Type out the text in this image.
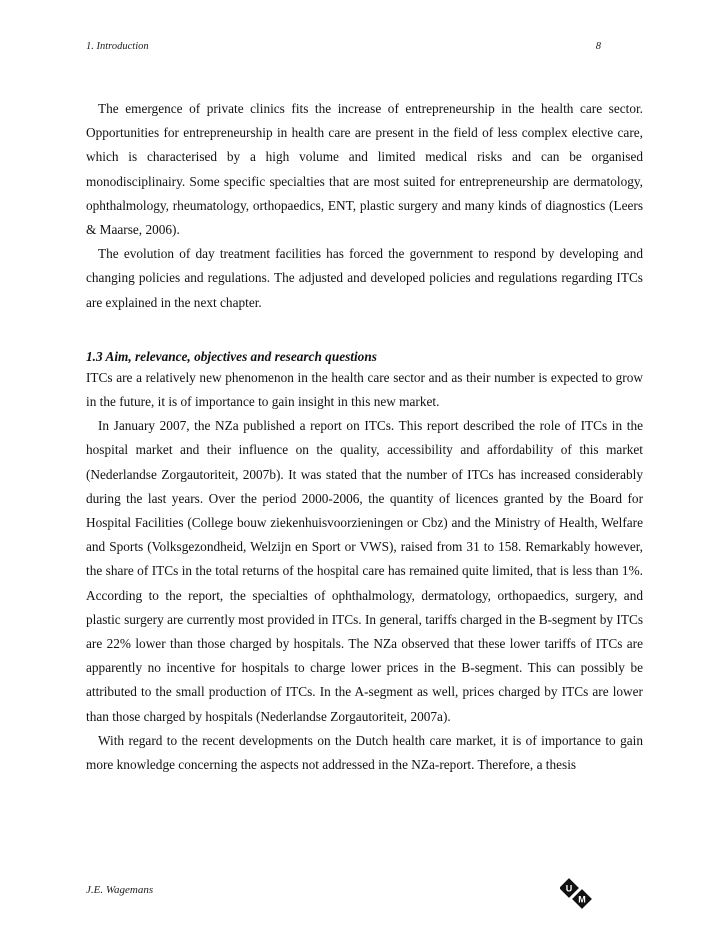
1. Introduction	8

The emergence of private clinics fits the increase of entrepreneurship in the health care sector. Opportunities for entrepreneurship in health care are present in the field of less complex elective care, which is characterised by a high volume and limited medical risks and can be organised monodisciplinairy. Some specific specialties that are most suited for entrepreneurship are dermatology, ophthalmology, rheumatology, orthopaedics, ENT, plastic surgery and many kinds of diagnostics (Leers & Maarse, 2006).

The evolution of day treatment facilities has forced the government to respond by developing and changing policies and regulations. The adjusted and developed policies and regulations regarding ITCs are explained in the next chapter.

1.3 Aim, relevance, objectives and research questions

ITCs are a relatively new phenomenon in the health care sector and as their number is expected to grow in the future, it is of importance to gain insight in this new market.

In January 2007, the NZa published a report on ITCs. This report described the role of ITCs in the hospital market and their influence on the quality, accessibility and affordability of this market (Nederlandse Zorgautoriteit, 2007b). It was stated that the number of ITCs has increased considerably during the last years. Over the period 2000-2006, the quantity of licences granted by the Board for Hospital Facilities (College bouw ziekenhuisvoorzieningen or Cbz) and the Ministry of Health, Welfare and Sports (Volksgezondheid, Welzijn en Sport or VWS), raised from 31 to 158. Remarkably however, the share of ITCs in the total returns of the hospital care has remained quite limited, that is less than 1%. According to the report, the specialties of ophthalmology, dermatology, orthopaedics, surgery, and plastic surgery are currently most provided in ITCs. In general, tariffs charged in the B-segment by ITCs are 22% lower than those charged by hospitals. The NZa observed that these lower tariffs of ITCs are apparently no incentive for hospitals to charge lower prices in the B-segment. This can possibly be attributed to the small production of ITCs. In the A-segment as well, prices charged by ITCs are lower than those charged by hospitals (Nederlandse Zorgautoriteit, 2007a).

With regard to the recent developments on the Dutch health care market, it is of importance to gain more knowledge concerning the aspects not addressed in the NZa-report. Therefore, a thesis

J.E. Wagemans	U
M
